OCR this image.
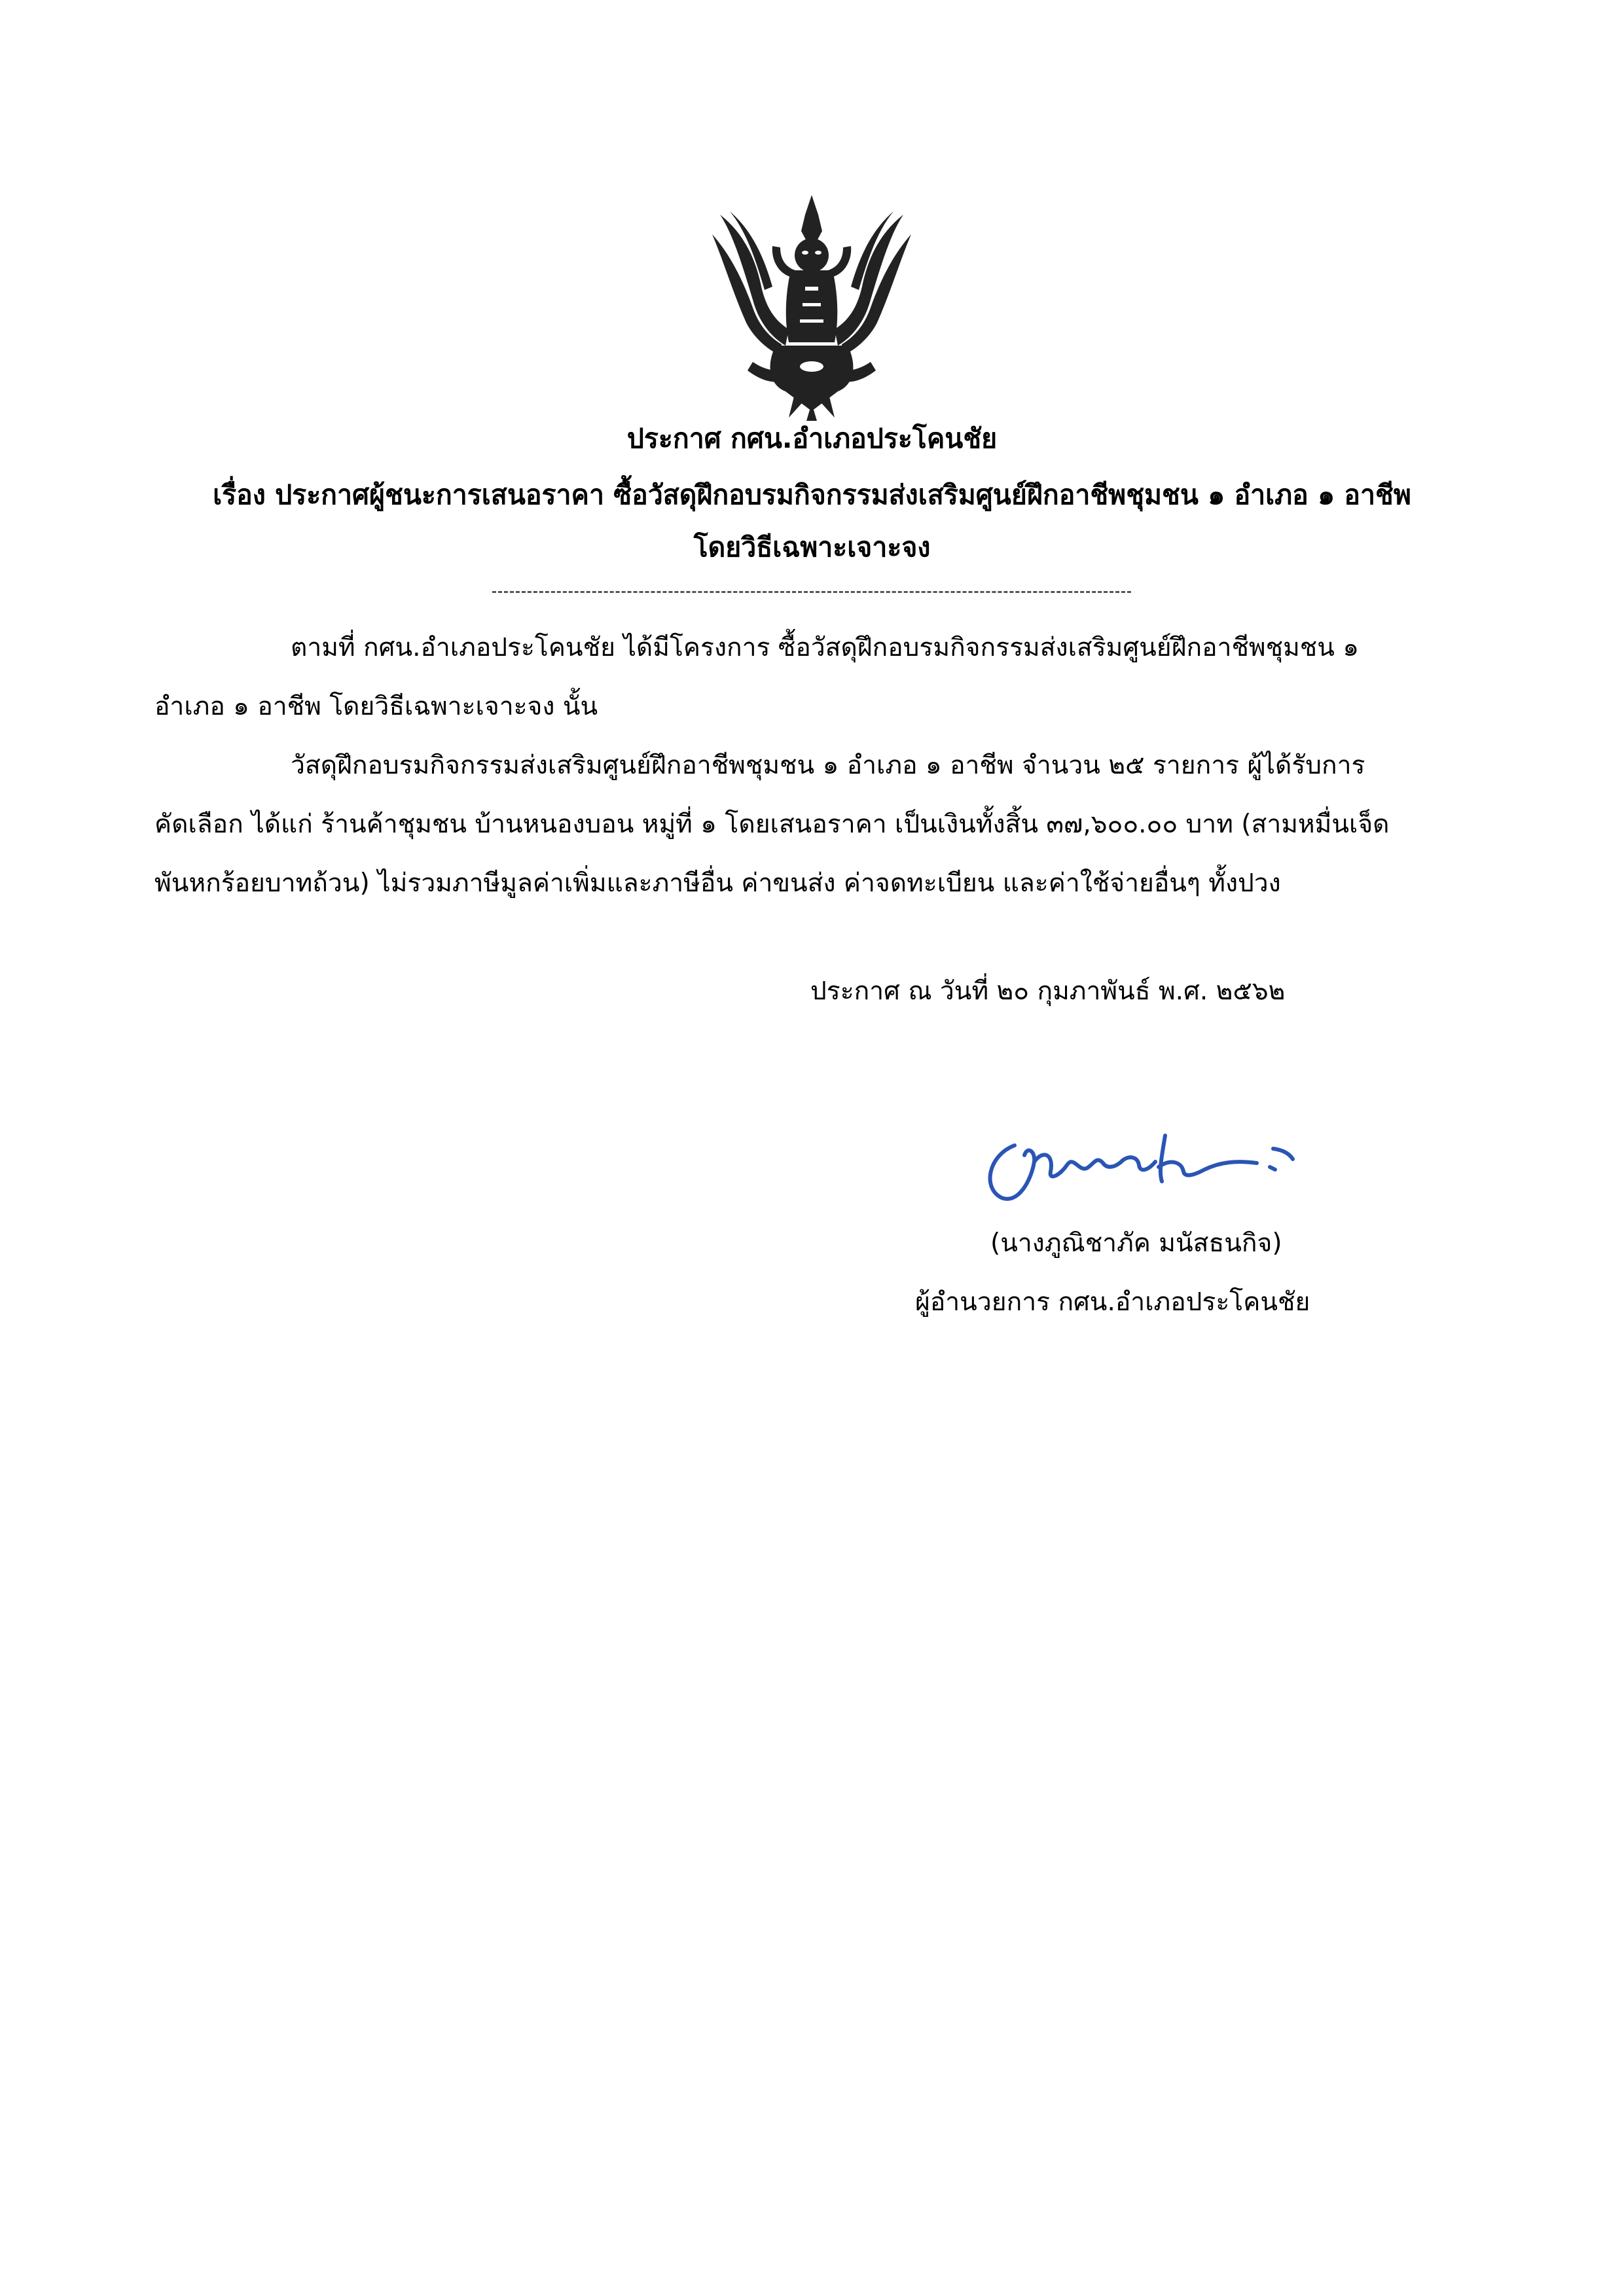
ประกาศ กศน.อำเภอประโคนชัย
เรื่อง ประกาศผู้ชนะการเสนอราคา ซื้อวัสดุฝึกอบรมกิจกรรมส่งเสริมศูนย์ฝึกอาชีพชุมชน ๑ อำเภอ ๑ อาชีพ
โดยวิธีเฉพาะเจาะจง
ตามที่ กศน.อำเภอประโคนชัย ได้มีโครงการ ซื้อวัสดุฝึกอบรมกิจกรรมส่งเสริมศูนย์ฝึกอาชีพชุมชน ๑
อำเภอ ๑ อาชีพ โดยวิธีเฉพาะเจาะจง นั้น
วัสดุฝึกอบรมกิจกรรมส่งเสริมศูนย์ฝึกอาชีพชุมชน ๑ อำเภอ ๑ อาชีพ จำนวน ๒๕ รายการ ผู้ได้รับการ
คัดเลือก ได้แก่ ร้านค้าชุมชน บ้านหนองบอน หมู่ที่ ๑ โดยเสนอราคา เป็นเงินทั้งสิ้น ๓๗,๖๐๐.๐๐ บาท (สามหมื่นเจ็ด
พันหกร้อยบาทถ้วน) ไม่รวมภาษีมูลค่าเพิ่มและภาษีอื่น ค่าขนส่ง ค่าจดทะเบียน และค่าใช้จ่ายอื่นๆ ทั้งปวง
ประกาศ ณ วันที่ ๒๐ กุมภาพันธ์ พ.ศ. ๒๕๖๒
(นางภูณิชาภัค มนัสธนกิจ)
ผู้อำนวยการ กศน.อำเภอประโคนชัย
